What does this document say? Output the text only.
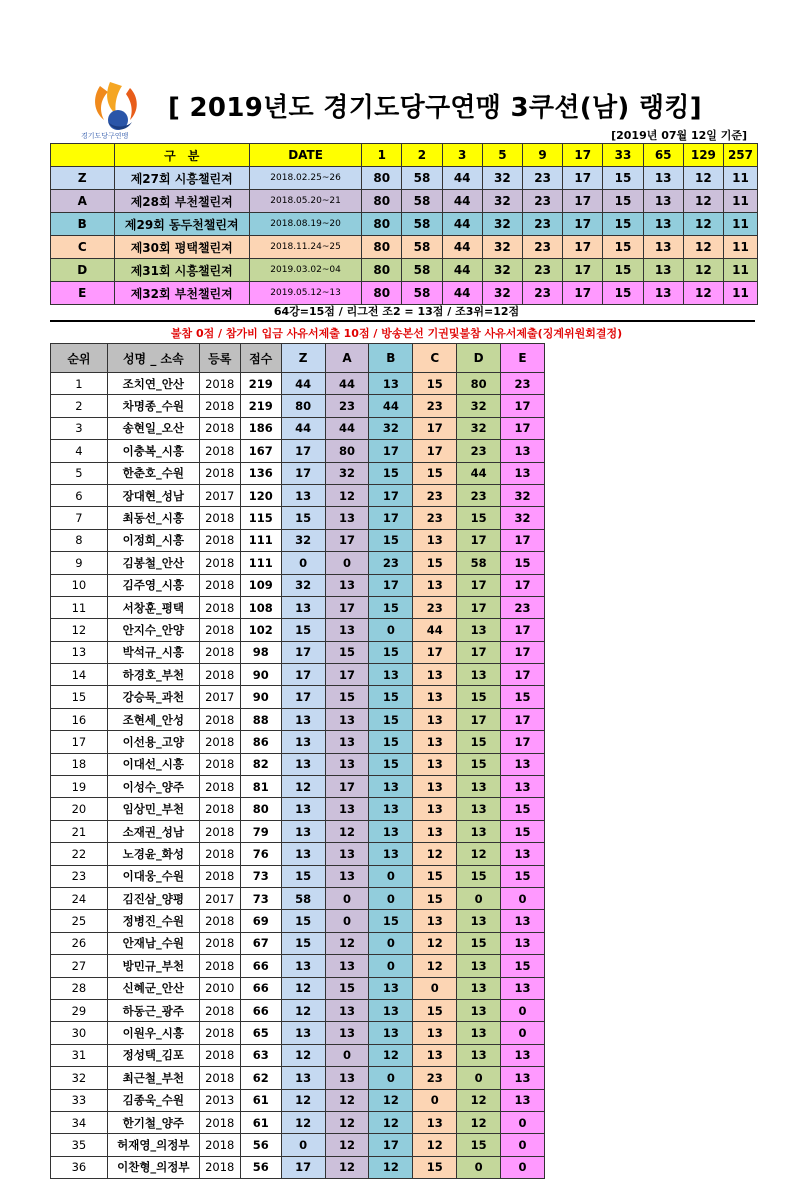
경기도당구연맹
[ 2019년도 경기도당구연맹 3쿠션(남) 랭킹]
[2019년 07월 12일 기준]
	구　분	DATE	1	2	3	5	9	17	33	65	129	257
Z	제27회 시흥챌린져	2018.02.25~26	80	58	44	32	23	17	15	13	12	11
A	제28회 부천챌린져	2018.05.20~21	80	58	44	32	23	17	15	13	12	11
B	제29회 동두천챌린져	2018.08.19~20	80	58	44	32	23	17	15	13	12	11
C	제30회 평택챌린져	2018.11.24~25	80	58	44	32	23	17	15	13	12	11
D	제31회 시흥챌린져	2019.03.02~04	80	58	44	32	23	17	15	13	12	11
E	제32회 부천챌린져	2019.05.12~13	80	58	44	32	23	17	15	13	12	11
64강=15점 / 리그전 조2 = 13점 / 조3위=12점
불참 0점 / 참가비 입금 사유서제출 10점 / 방송본선 기권및불참 사유서제출(징계위원회결정)
순위	성명 _ 소속	등록	점수	Z	A	B	C	D	E
1	조치연_안산	2018	219	44	44	13	15	80	23
2	차명종_수원	2018	219	80	23	44	23	32	17
3	송현일_오산	2018	186	44	44	32	17	32	17
4	이충복_시흥	2018	167	17	80	17	17	23	13
5	한춘호_수원	2018	136	17	32	15	15	44	13
6	장대현_성남	2017	120	13	12	17	23	23	32
7	최동선_시흥	2018	115	15	13	17	23	15	32
8	이정희_시흥	2018	111	32	17	15	13	17	17
9	김봉철_안산	2018	111	0	0	23	15	58	15
10	김주영_시흥	2018	109	32	13	17	13	17	17
11	서창훈_평택	2018	108	13	17	15	23	17	23
12	안지수_안양	2018	102	15	13	0	44	13	17
13	박석규_시흥	2018	98	17	15	15	17	17	17
14	하경호_부천	2018	90	17	17	13	13	13	17
15	강승묵_과천	2017	90	17	15	15	13	15	15
16	조현세_안성	2018	88	13	13	15	13	17	17
17	이선용_고양	2018	86	13	13	15	13	15	17
18	이대선_시흥	2018	82	13	13	15	13	15	13
19	이성수_양주	2018	81	12	17	13	13	13	13
20	임상민_부천	2018	80	13	13	13	13	13	15
21	소재권_성남	2018	79	13	12	13	13	13	15
22	노경윤_화성	2018	76	13	13	13	12	12	13
23	이대웅_수원	2018	73	15	13	0	15	15	15
24	김진삼_양평	2017	73	58	0	0	15	0	0
25	정병진_수원	2018	69	15	0	15	13	13	13
26	안재남_수원	2018	67	15	12	0	12	15	13
27	방민규_부천	2018	66	13	13	0	12	13	15
28	신혜군_안산	2010	66	12	15	13	0	13	13
29	하동근_광주	2018	66	12	13	13	15	13	0
30	이원우_시흥	2018	65	13	13	13	13	13	0
31	정성택_김포	2018	63	12	0	12	13	13	13
32	최근철_부천	2018	62	13	13	0	23	0	13
33	김종욱_수원	2013	61	12	12	12	0	12	13
34	한기철_양주	2018	61	12	12	12	13	12	0
35	허재영_의정부	2018	56	0	12	17	12	15	0
36	이찬형_의정부	2018	56	17	12	12	15	0	0
